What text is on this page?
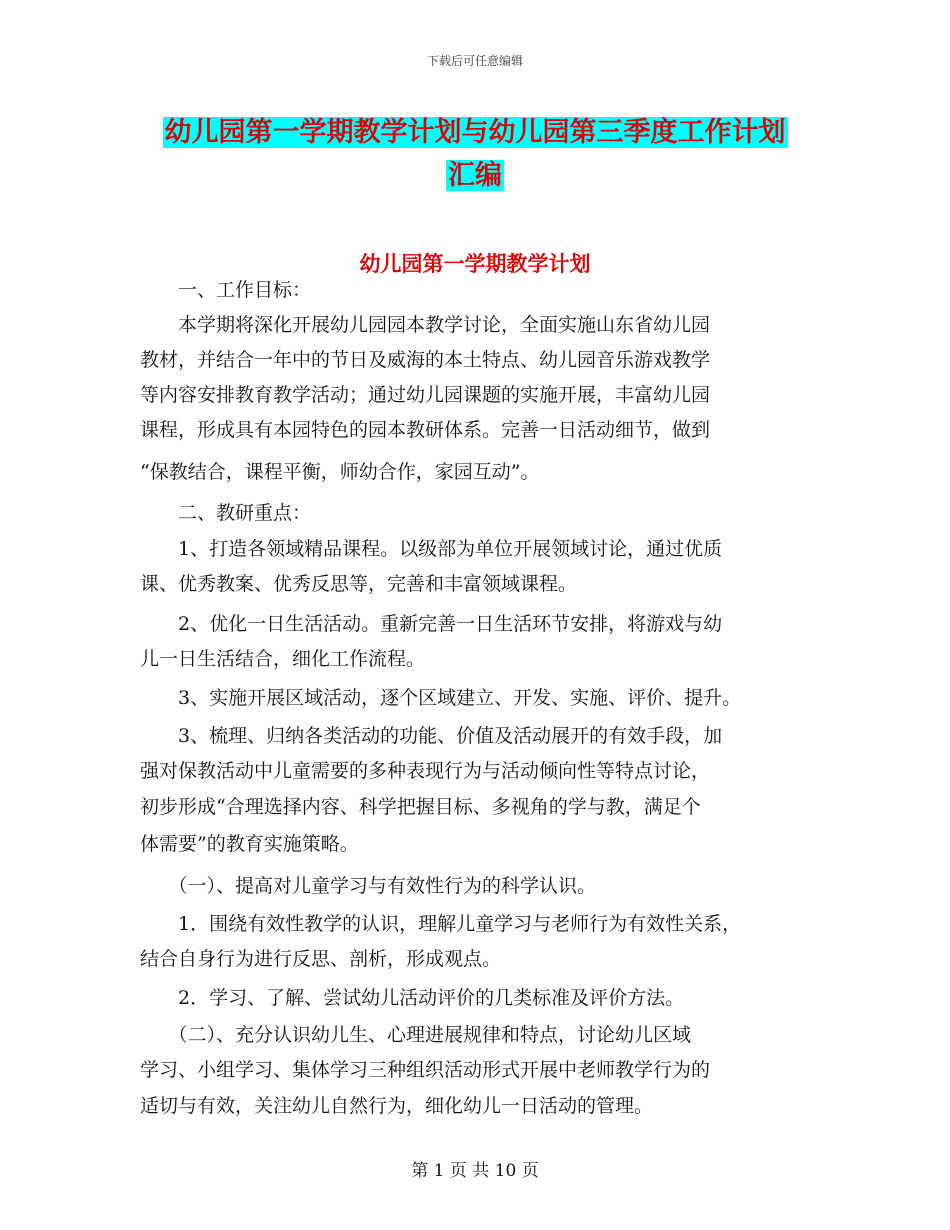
下载后可任意编辑
幼儿园第一学期教学计划与幼儿园第三季度工作计划
汇编
幼儿园第一学期教学计划
　　一、工作目标：
　　本学期将深化开展幼儿园园本教学讨论，全面实施山东省幼儿园
教材，并结合一年中的节日及威海的本土特点、幼儿园音乐游戏教学
等内容安排教育教学活动；通过幼儿园课题的实施开展，丰富幼儿园
课程，形成具有本园特色的园本教研体系。完善一日活动细节，做到
“保教结合，课程平衡，师幼合作，家园互动”。
　　二、教研重点：
　　1、打造各领域精品课程。以级部为单位开展领域讨论，通过优质
课、优秀教案、优秀反思等，完善和丰富领域课程。
　　2、优化一日生活活动。重新完善一日生活环节安排，将游戏与幼
儿一日生活结合，细化工作流程。
　　3、实施开展区域活动，逐个区域建立、开发、实施、评价、提升。
　　3、梳理、归纳各类活动的功能、价值及活动展开的有效手段，加
强对保教活动中儿童需要的多种表现行为与活动倾向性等特点讨论，
初步形成“合理选择内容、科学把握目标、多视角的学与教，满足个
体需要”的教育实施策略。
　　（一）、提高对儿童学习与有效性行为的科学认识。
　　1．围绕有效性教学的认识，理解儿童学习与老师行为有效性关系，
结合自身行为进行反思、剖析，形成观点。
　　2．学习、了解、尝试幼儿活动评价的几类标准及评价方法。
　　（二）、充分认识幼儿生、心理进展规律和特点，讨论幼儿区域
学习、小组学习、集体学习三种组织活动形式开展中老师教学行为的
适切与有效，关注幼儿自然行为，细化幼儿一日活动的管理。
第 1 页 共 10 页
